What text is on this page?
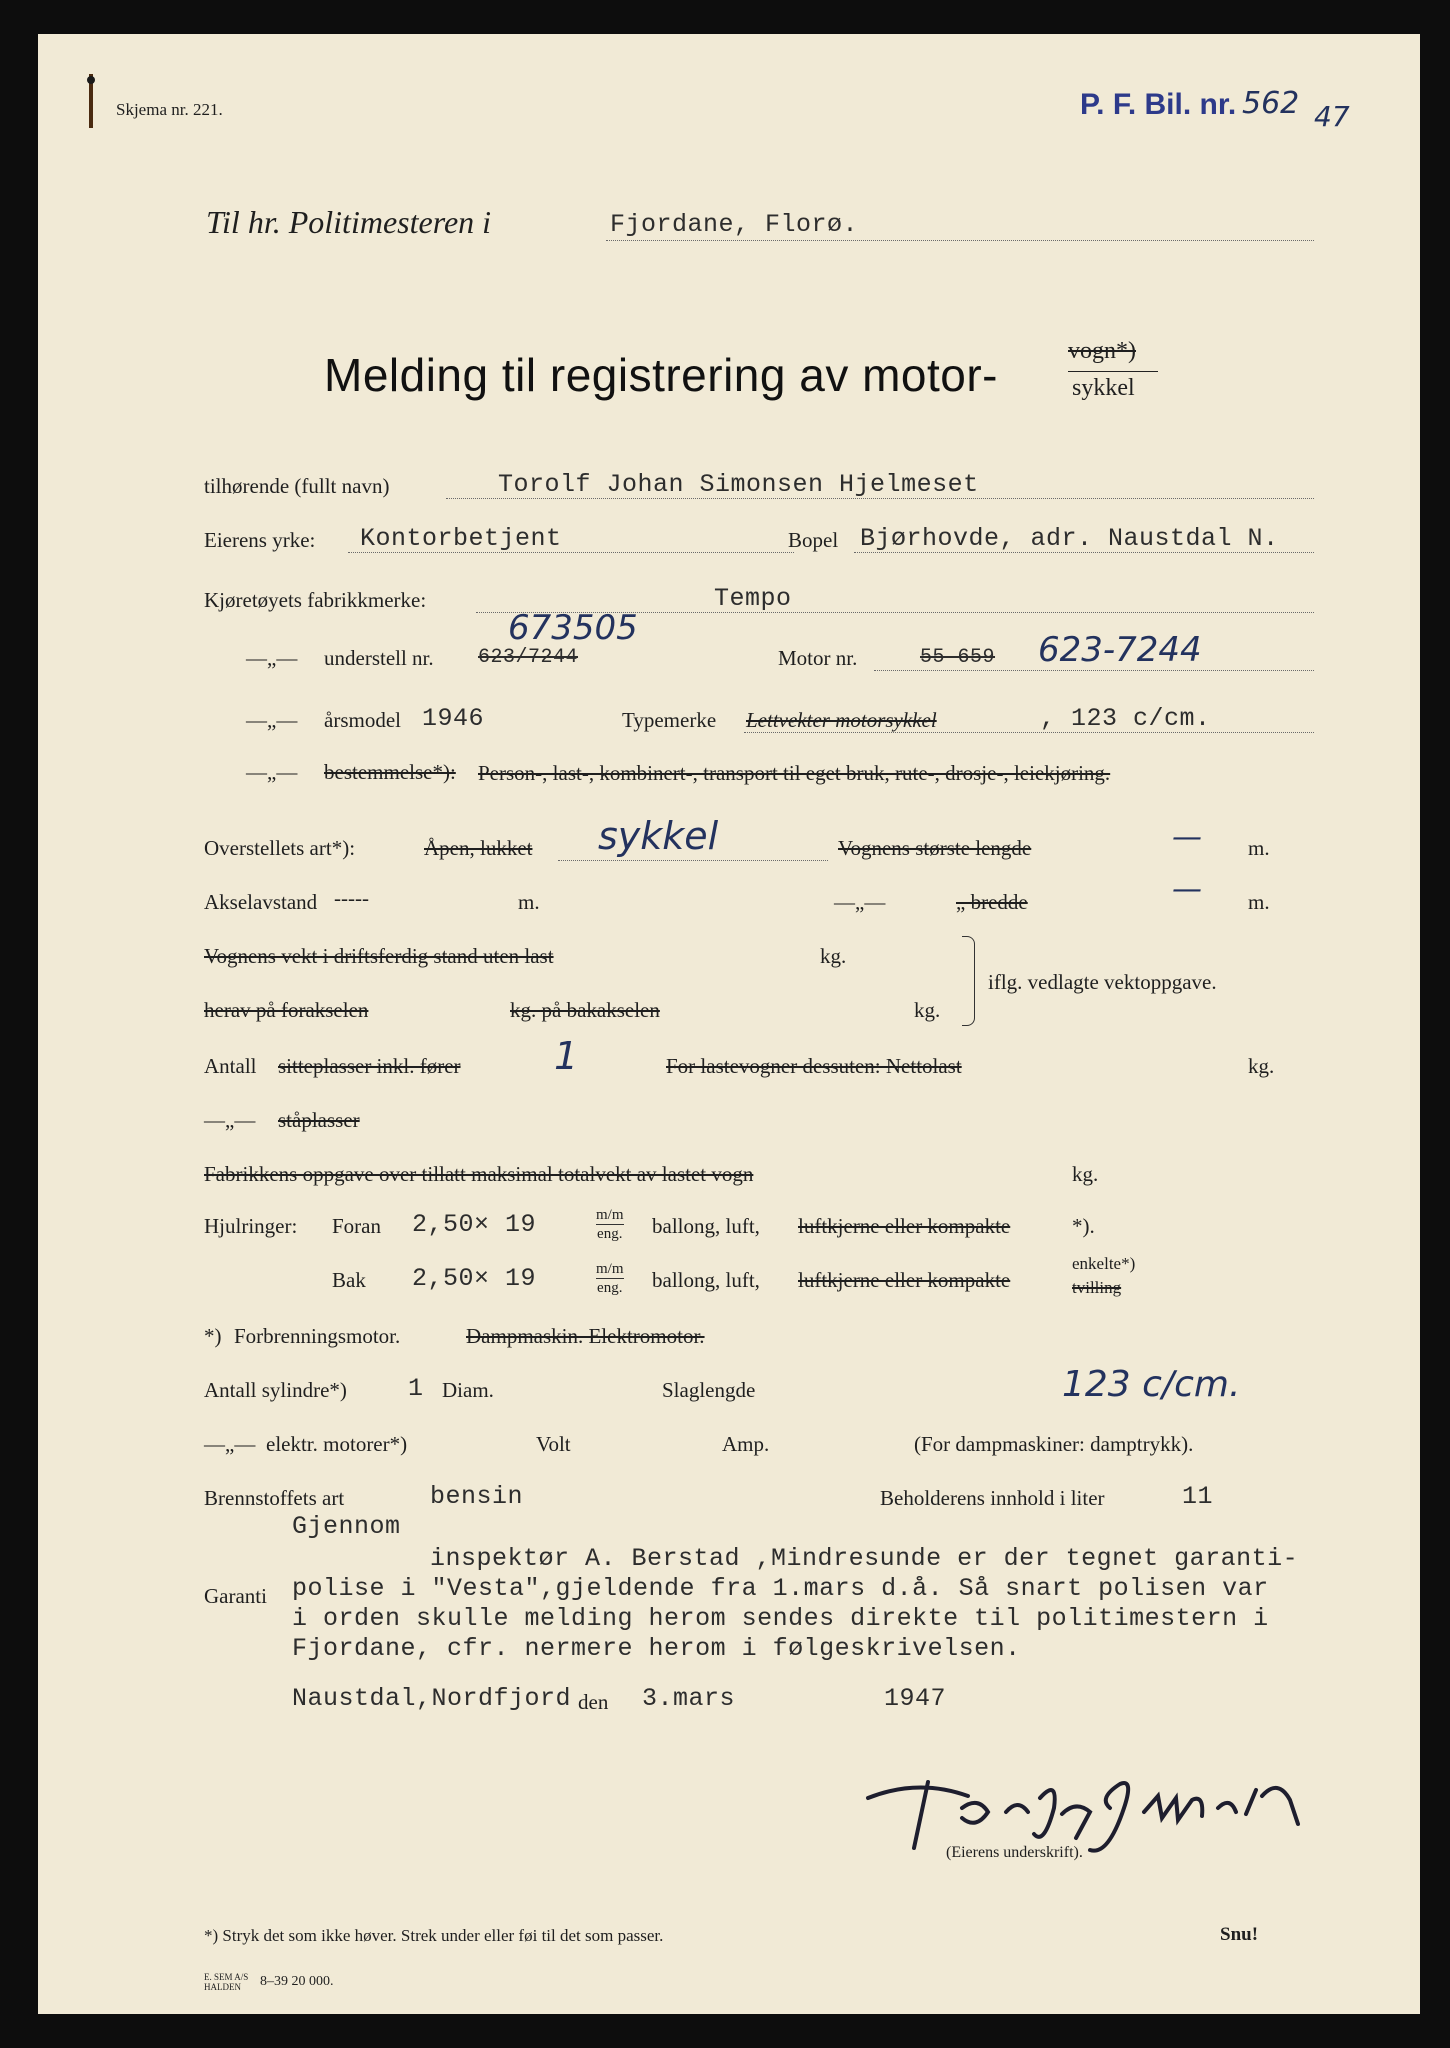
Skjema nr. 221.	P. F. Bil. nr. 562 47
Til hr. Politimesteren i	Fjordane, Florø.
Melding til registrering av motor-	vogn*)
sykkel
tilhørende (fullt navn)	Torolf Johan Simonsen Hjelmeset
Eierens yrke: Kontorbetjent	Bopel Bjørhovde, adr. Naustdal N.
Kjøretøyets fabrikkmerke:	Tempo
—„— understell nr.
673505
623/7244	Motor nr.	55 659 623-7244
—„— årsmodel 1946	Typemerke Lettvekter motorsykkel	, 123 c/cm.
—„— bestemmelse*): Person-, last-, kombinert-, transport til eget bruk, rute-, drosje-, leiekjøring.
Overstellets art*):	Åpen, lukket sykkel	Vognens største lengde	— m.
Akselavstand -----	m.	—„—	„ bredde	— m.
Vognens vekt i driftsferdig stand uten last	kg.
herav på forakselen	kg. på bakakselen	kg.
iflg. vedlagte vektoppgave.
Antall sitteplasser inkl. fører 1	For lastevogner dessuten: Nettolast	kg.
—„— ståplasser
Fabrikkens oppgave over tillatt maksimal totalvekt av lastet vogn	kg.
Hjulringer: Foran 2,50× 19	$\frac{m/m}{\text{eng.}}$ ballong, luft, luftkjerne eller kompakte	*).
Bak 2,50× 19	$\frac{m/m}{\text{eng.}}$ ballong, luft, luftkjerne eller kompakte
enkelte*)
tvilling
*) Forbrenningsmotor.	Dampmaskin. Elektromotor.
Antall sylindre*) 1 Diam.	Slaglengde	123 c/cm.
—„— elektr. motorer*)	Volt	Amp.	(For dampmaskiner: damptrykk).
Brennstoffets art	bensin	Beholderens innhold i liter	11
Garanti
Gjennom
inspektør A. Berstad ,Mindresunde er der tegnet garanti-
polise i "Vesta",gjeldende fra 1.mars d.å. Så snart polisen var
i orden skulle melding herom sendes direkte til politimestern i
Fjordane, cfr. nermere herom i følgeskrivelsen.
Naustdal,Nordfjord den 3.mars	1947
(Eierens underskrift).
*) Stryk det som ikke høver. Strek under eller føi til det som passer.	Snu!
E. SEM A/S HALDEN	8–39 20 000.
